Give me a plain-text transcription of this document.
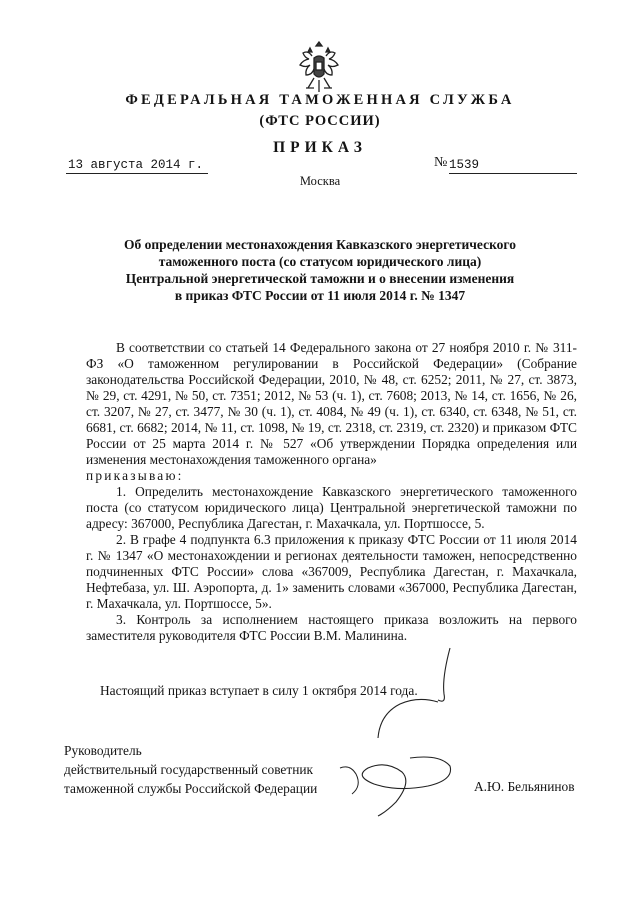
ФЕДЕРАЛЬНАЯ ТАМОЖЕННАЯ СЛУЖБА
(ФТС РОССИИ)
ПРИКАЗ
13 августа 2014 г.	№ 1539
Москва
Об определении местонахождения Кавказского энергетического
таможенного поста (со статусом юридического лица)
Центральной энергетической таможни и о внесении изменения
в приказ ФТС России от 11 июля 2014 г. № 1347

В соответствии со статьей 14 Федерального закона от 27 ноября 2010 г. № 311-ФЗ «О таможенном регулировании в Российской Федерации» (Собрание законодательства Российской Федерации, 2010, № 48, ст. 6252; 2011, № 27, ст. 3873, № 29, ст. 4291, № 50, ст. 7351; 2012, № 53 (ч. 1), ст. 7608; 2013, № 14, ст. 1656, № 26, ст. 3207, № 27, ст. 3477, № 30 (ч. 1), ст. 4084, № 49 (ч. 1), ст. 6340, ст. 6348, № 51, ст. 6681, ст. 6682; 2014, № 11, ст. 1098, № 19, ст. 2318, ст. 2319, ст. 2320) и приказом ФТС России от 25 марта 2014 г. № 527 «Об утверждении Порядка определения или изменения местонахождения таможенного органа»

приказываю:

1. Определить местонахождение Кавказского энергетического таможенного поста (со статусом юридического лица) Центральной энергетической таможни по адресу: 367000, Республика Дагестан, г. Махачкала, ул. Портшоссе, 5.

2. В графе 4 подпункта 6.3 приложения к приказу ФТС России от 11 июля 2014 г. № 1347 «О местонахождении и регионах деятельности таможен, непосредственно подчиненных ФТС России» слова «367009, Республика Дагестан, г. Махачкала, Нефтебаза, ул. Ш. Аэропорта, д. 1» заменить словами «367000, Республика Дагестан, г. Махачкала, ул. Портшоссе, 5».

3. Контроль за исполнением настоящего приказа возложить на первого заместителя руководителя ФТС России В.М. Малинина.

Настоящий приказ вступает в силу 1 октября 2014 года.
Руководитель
действительный государственный советник
таможенной службы Российской Федерации	А.Ю. Бельянинов
